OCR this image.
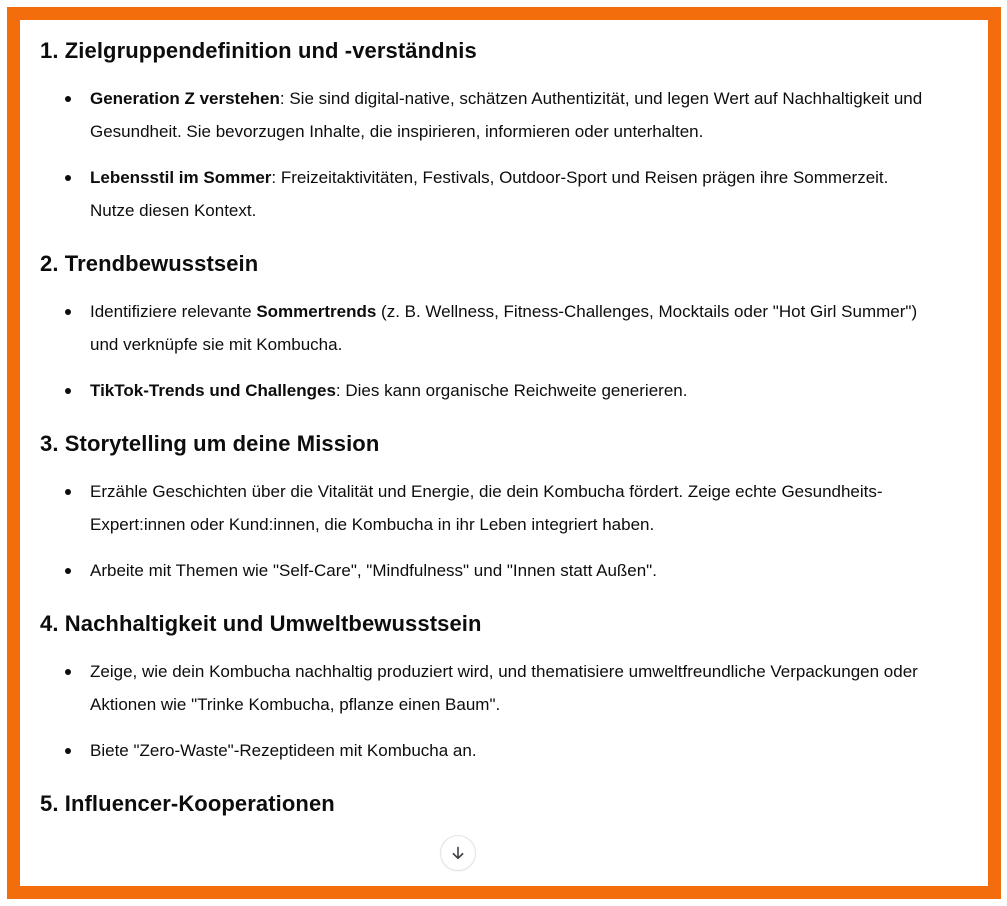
1. Zielgruppendefinition und -verständnis
Generation Z verstehen: Sie sind digital-native, schätzen Authentizität, und legen Wert auf Nachhaltigkeit und Gesundheit. Sie bevorzugen Inhalte, die inspirieren, informieren oder unterhalten.
Lebensstil im Sommer: Freizeitaktivitäten, Festivals, Outdoor-Sport und Reisen prägen ihre Sommerzeit. Nutze diesen Kontext.
2. Trendbewusstsein
Identifiziere relevante Sommertrends (z. B. Wellness, Fitness-Challenges, Mocktails oder "Hot Girl Summer") und verknüpfe sie mit Kombucha.
TikTok-Trends und Challenges: Dies kann organische Reichweite generieren.
3. Storytelling um deine Mission
Erzähle Geschichten über die Vitalität und Energie, die dein Kombucha fördert. Zeige echte Gesundheits-Expert:innen oder Kund:innen, die Kombucha in ihr Leben integriert haben.
Arbeite mit Themen wie "Self-Care", "Mindfulness" und "Innen statt Außen".
4. Nachhaltigkeit und Umweltbewusstsein
Zeige, wie dein Kombucha nachhaltig produziert wird, und thematisiere umweltfreundliche Verpackungen oder Aktionen wie "Trinke Kombucha, pflanze einen Baum".
Biete "Zero-Waste"-Rezeptideen mit Kombucha an.
5. Influencer-Kooperationen
